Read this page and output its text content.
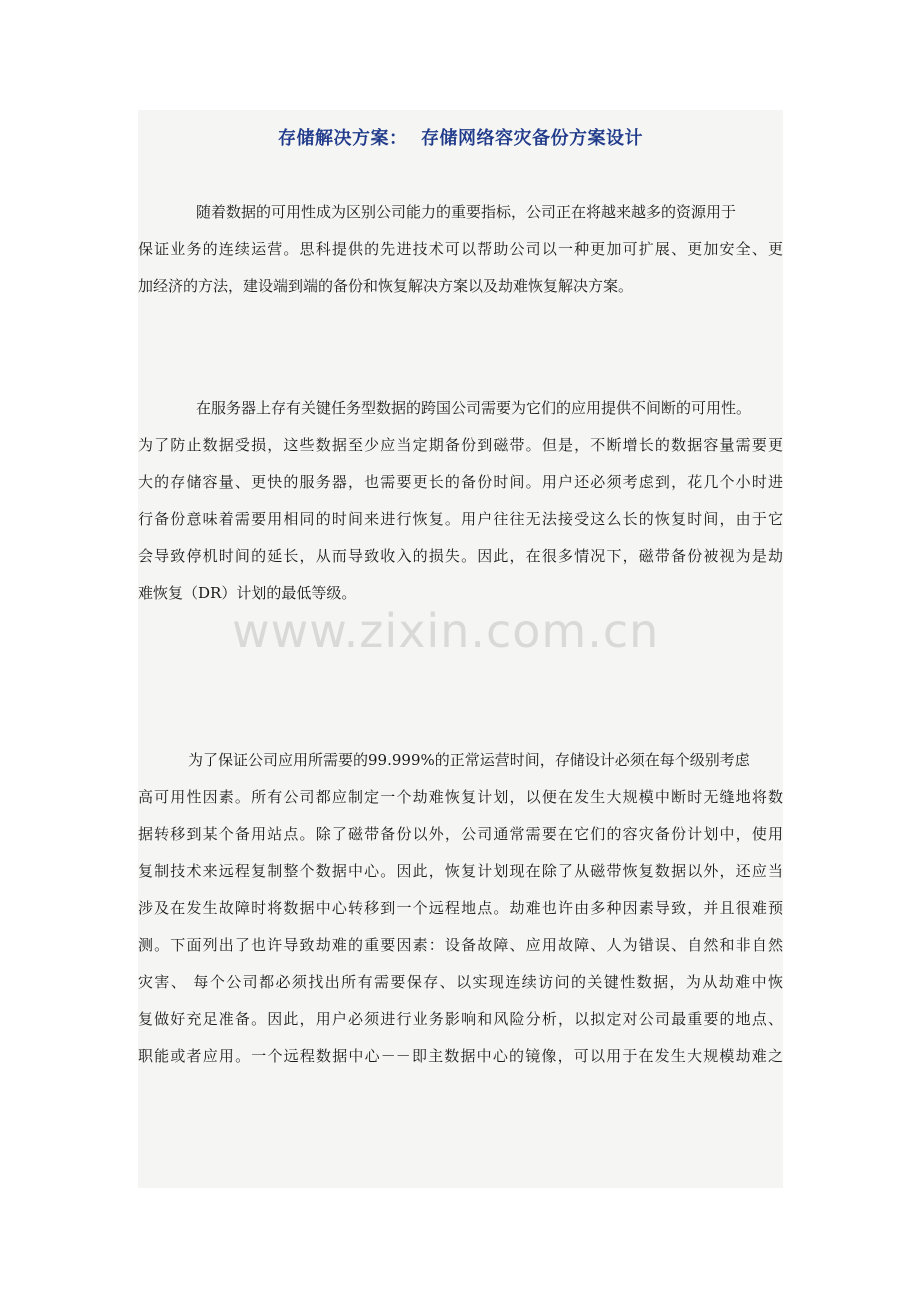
存储解决方案：  存储网络容灾备份方案设计
随着数据的可用性成为区别公司能力的重要指标，公司正在将越来越多的资源用于
保证业务的连续运营。思科提供的先进技术可以帮助公司以一种更加可扩展、更加安全、更
加经济的方法，建设端到端的备份和恢复解决方案以及劫难恢复解决方案。
在服务器上存有关键任务型数据的跨国公司需要为它们的应用提供不间断的可用性。
为了防止数据受损，这些数据至少应当定期备份到磁带。但是，不断增长的数据容量需要更
大的存储容量、更快的服务器，也需要更长的备份时间。用户还必须考虑到，花几个小时进
行备份意味着需要用相同的时间来进行恢复。用户往往无法接受这么长的恢复时间，由于它
会导致停机时间的延长，从而导致收入的损失。因此，在很多情况下，磁带备份被视为是劫
难恢复（DR）计划的最低等级。
为了保证公司应用所需要的99.999%的正常运营时间，存储设计必须在每个级别考虑
高可用性因素。所有公司都应制定一个劫难恢复计划，以便在发生大规模中断时无缝地将数
据转移到某个备用站点。除了磁带备份以外，公司通常需要在它们的容灾备份计划中，使用
复制技术来远程复制整个数据中心。因此，恢复计划现在除了从磁带恢复数据以外，还应当
涉及在发生故障时将数据中心转移到一个远程地点。劫难也许由多种因素导致，并且很难预
测。下面列出了也许导致劫难的重要因素：设备故障、应用故障、人为错误、自然和非自然
灾害、 每个公司都必须找出所有需要保存、以实现连续访问的关键性数据，为从劫难中恢
复做好充足准备。因此，用户必须进行业务影响和风险分析，以拟定对公司最重要的地点、
职能或者应用。一个远程数据中心－－即主数据中心的镜像，可以用于在发生大规模劫难之
www.zixin.com.cn
